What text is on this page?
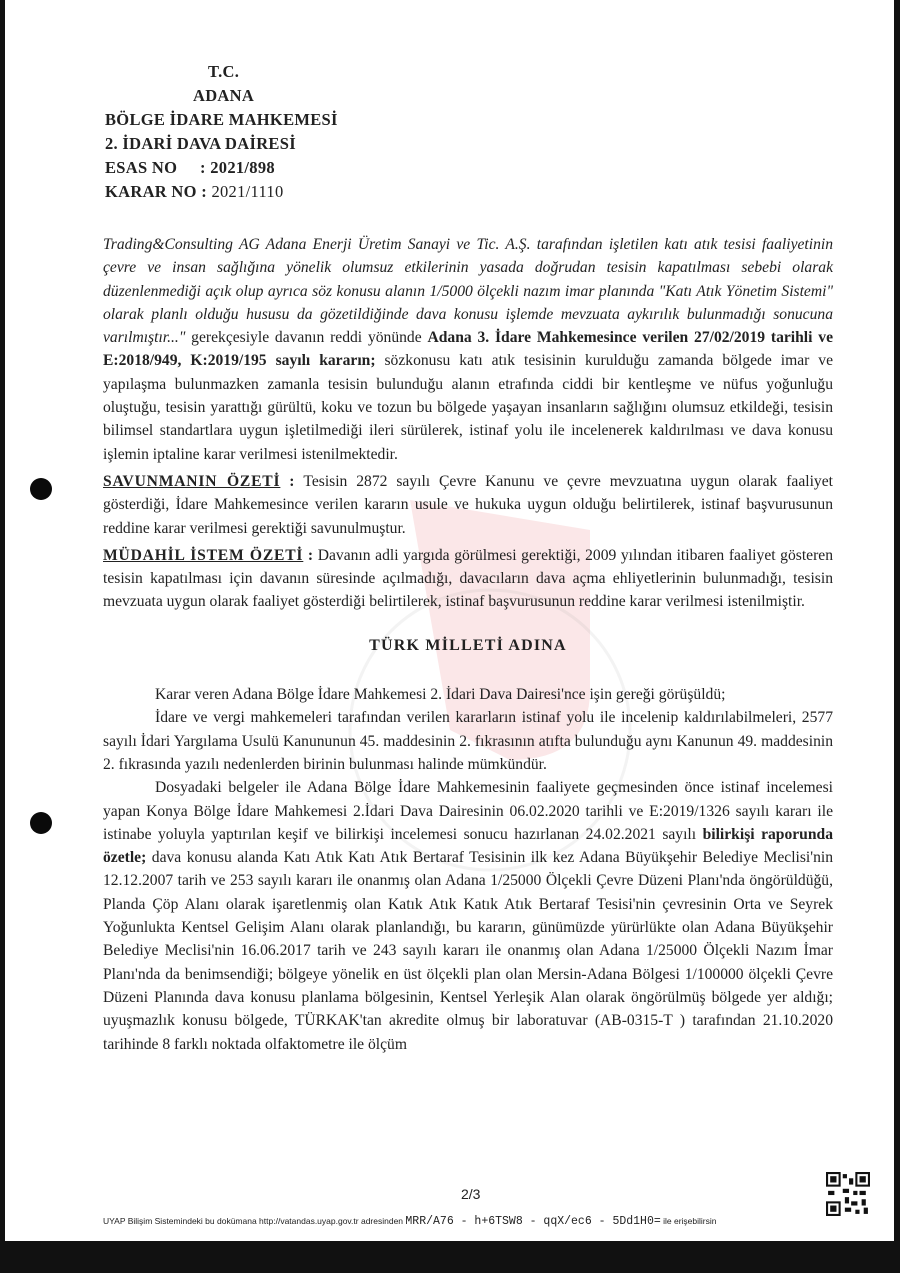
T.C.
ADANA
BÖLGE İDARE MAHKEMESİ
2. İDARİ DAVA DAİRESİ
ESAS NO : 2021/898
KARAR NO : 2021/1110

Trading&Consulting AG Adana Enerji Üretim Sanayi ve Tic. A.Ş. tarafından işletilen katı atık tesisi faaliyetinin çevre ve insan sağlığına yönelik olumsuz etkilerinin yasada doğrudan tesisin kapatılması sebebi olarak düzenlenmediği açık olup ayrıca söz konusu alanın 1/5000 ölçekli nazım imar planında "Katı Atık Yönetim Sistemi" olarak planlı olduğu hususu da gözetildiğinde dava konusu işlemde mevzuata aykırılık bulunmadığı sonucuna varılmıştır..." gerekçesiyle davanın reddi yönünde Adana 3. İdare Mahkemesince verilen 27/02/2019 tarihli ve E:2018/949, K:2019/195 sayılı kararın; sözkonusu katı atık tesisinin kurulduğu zamanda bölgede imar ve yapılaşma bulunmazken zamanla tesisin bulunduğu alanın etrafında ciddi bir kentleşme ve nüfus yoğunluğu oluştuğu, tesisin yarattığı gürültü, koku ve tozun bu bölgede yaşayan insanların sağlığını olumsuz etkildeği, tesisin bilimsel standartlara uygun işletilmediği ileri sürülerek, istinaf yolu ile incelenerek kaldırılması ve dava konusu işlemin iptaline karar verilmesi istenilmektedir.

SAVUNMANIN ÖZETİ : Tesisin 2872 sayılı Çevre Kanunu ve çevre mevzuatına uygun olarak faaliyet gösterdiği, İdare Mahkemesince verilen kararın usule ve hukuka uygun olduğu belirtilerek, istinaf başvurusunun reddine karar verilmesi gerektiği savunulmuştur.

MÜDAHİL İSTEM ÖZETİ : Davanın adli yargıda görülmesi gerektiği, 2009 yılından itibaren faaliyet gösteren tesisin kapatılması için davanın süresinde açılmadığı, davacıların dava açma ehliyetlerinin bulunmadığı, tesisin mevzuata uygun olarak faaliyet gösterdiği belirtilerek, istinaf başvurusunun reddine karar verilmesi istenilmiştir.

TÜRK MİLLETİ ADINA

Karar veren Adana Bölge İdare Mahkemesi 2. İdari Dava Dairesi'nce işin gereği görüşüldü;

İdare ve vergi mahkemeleri tarafından verilen kararların istinaf yolu ile incelenip kaldırılabilmeleri, 2577 sayılı İdari Yargılama Usulü Kanununun 45. maddesinin 2. fıkrasının atıfta bulunduğu aynı Kanunun 49. maddesinin 2. fıkrasında yazılı nedenlerden birinin bulunması halinde mümkündür.

Dosyadaki belgeler ile Adana Bölge İdare Mahkemesinin faaliyete geçmesinden önce istinaf incelemesi yapan Konya Bölge İdare Mahkemesi 2.İdari Dava Dairesinin 06.02.2020 tarihli ve E:2019/1326 sayılı kararı ile istinabe yoluyla yaptırılan keşif ve bilirkişi incelemesi sonucu hazırlanan 24.02.2021 sayılı bilirkişi raporunda özetle; dava konusu alanda Katı Atık Katı Atık Bertaraf Tesisinin ilk kez Adana Büyükşehir Belediye Meclisi'nin 12.12.2007 tarih ve 253 sayılı kararı ile onanmış olan Adana 1/25000 Ölçekli Çevre Düzeni Planı'nda öngörüldüğü, Planda Çöp Alanı olarak işaretlenmiş olan Katık Atık Katık Atık Bertaraf Tesisi'nin çevresinin Orta ve Seyrek Yoğunlukta Kentsel Gelişim Alanı olarak planlandığı, bu kararın, günümüzde yürürlükte olan Adana Büyükşehir Belediye Meclisi'nin 16.06.2017 tarih ve 243 sayılı kararı ile onanmış olan Adana 1/25000 Ölçekli Nazım İmar Planı'nda da benimsendiği; bölgeye yönelik en üst ölçekli plan olan Mersin-Adana Bölgesi 1/100000 ölçekli Çevre Düzeni Planında dava konusu planlama bölgesinin, Kentsel Yerleşik Alan olarak öngörülmüş bölgede yer aldığı; uyuşmazlık konusu bölgede, TÜRKAK'tan akredite olmuş bir laboratuvar (AB-0315-T ) tarafından 21.10.2020 tarihinde 8 farklı noktada olfaktometre ile ölçüm

2/3
UYAP Bilişim Sistemindeki bu dokümana http://vatandas.uyap.gov.tr adresinden MRR/A76 - h+6TSW8 - qqX/ec6 - 5Dd1H0= ile erişebilirsin
